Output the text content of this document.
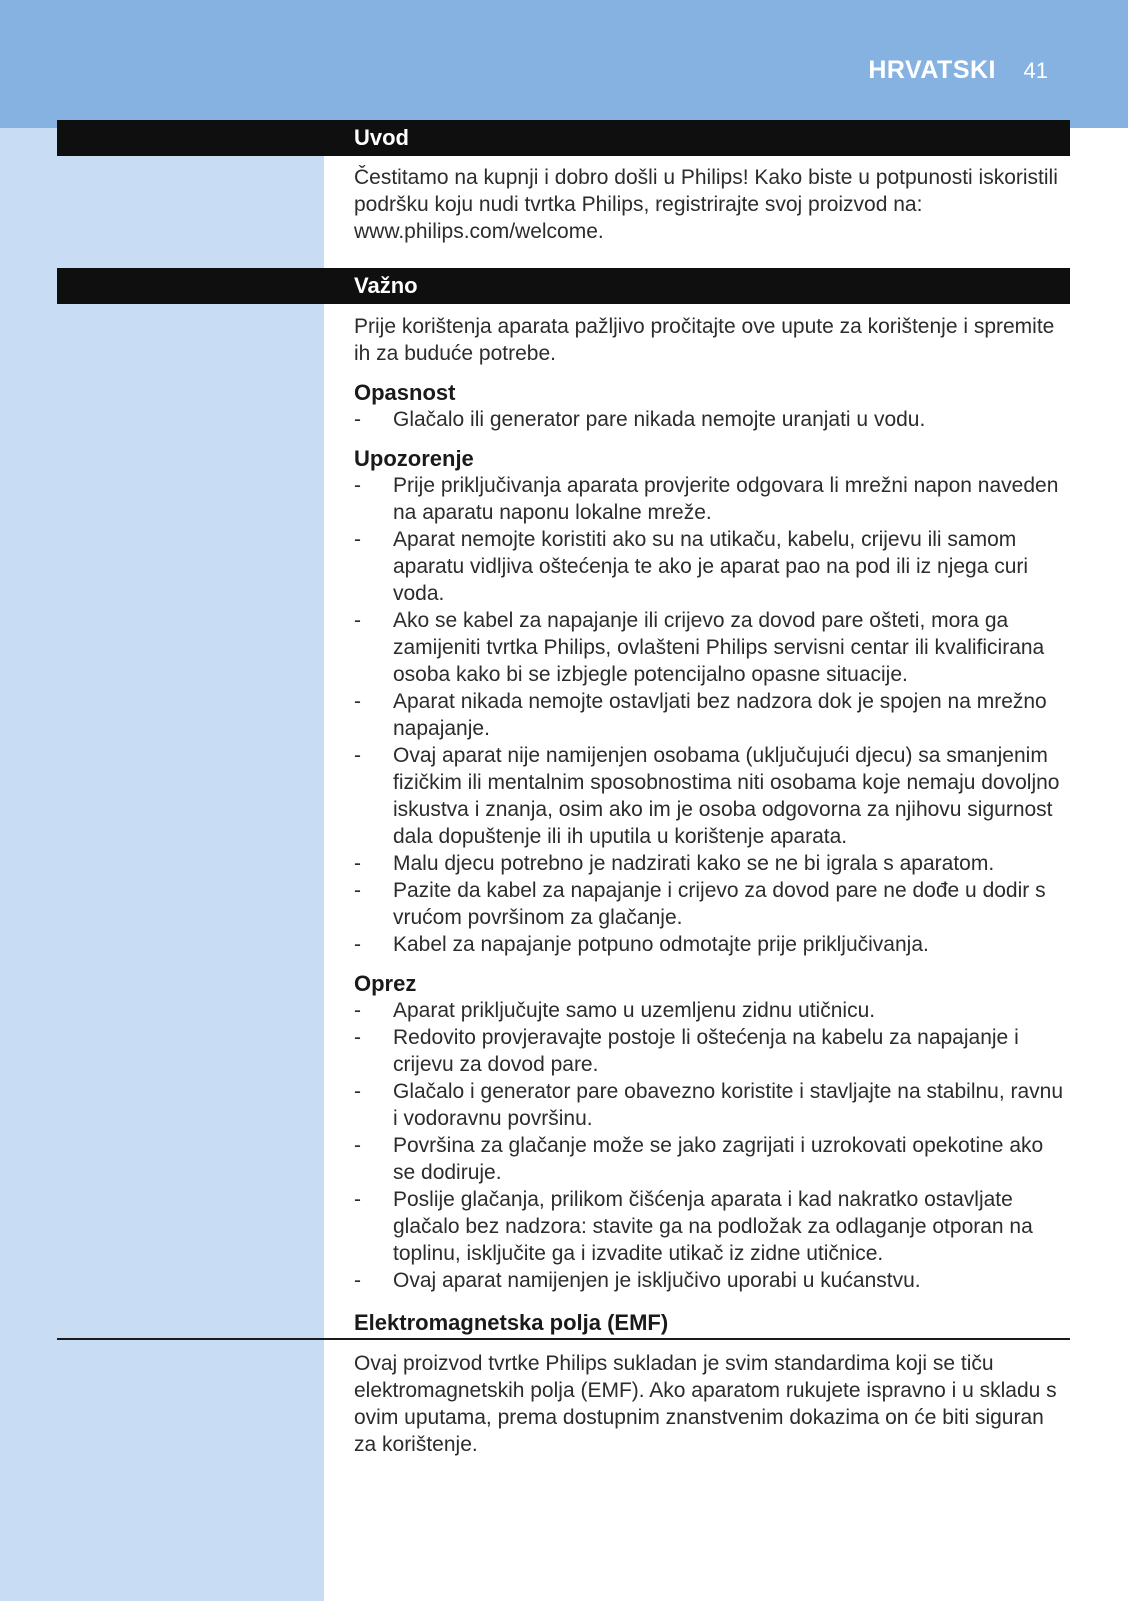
HRVATSKI 41
Uvod

Čestitamo na kupnji i dobro došli u Philips! Kako biste u potpunosti iskoristili podršku koju nudi tvrtka Philips, registrirajte svoj proizvod na: www.philips.com/welcome.

Važno

Prije korištenja aparata pažljivo pročitajte ove upute za korištenje i spremite ih za buduće potrebe.

Opasnost
- Glačalo ili generator pare nikada nemojte uranjati u vodu.
Upozorenje
- Prije priključivanja aparata provjerite odgovara li mrežni napon naveden na aparatu naponu lokalne mreže.
- Aparat nemojte koristiti ako su na utikaču, kabelu, crijevu ili samom aparatu vidljiva oštećenja te ako je aparat pao na pod ili iz njega curi voda.
- Ako se kabel za napajanje ili crijevo za dovod pare ošteti, mora ga zamijeniti tvrtka Philips, ovlašteni Philips servisni centar ili kvalificirana osoba kako bi se izbjegle potencijalno opasne situacije.
- Aparat nikada nemojte ostavljati bez nadzora dok je spojen na mrežno napajanje.
- Ovaj aparat nije namijenjen osobama (uključujući djecu) sa smanjenim fizičkim ili mentalnim sposobnostima niti osobama koje nemaju dovoljno iskustva i znanja, osim ako im je osoba odgovorna za njihovu sigurnost dala dopuštenje ili ih uputila u korištenje aparata.
- Malu djecu potrebno je nadzirati kako se ne bi igrala s aparatom.
- Pazite da kabel za napajanje i crijevo za dovod pare ne dođe u dodir s vrućom površinom za glačanje.
- Kabel za napajanje potpuno odmotajte prije priključivanja.
Oprez
- Aparat priključujte samo u uzemljenu zidnu utičnicu.
- Redovito provjeravajte postoje li oštećenja na kabelu za napajanje i crijevu za dovod pare.
- Glačalo i generator pare obavezno koristite i stavljajte na stabilnu, ravnu i vodoravnu površinu.
- Površina za glačanje može se jako zagrijati i uzrokovati opekotine ako se dodiruje.
- Poslije glačanja, prilikom čišćenja aparata i kad nakratko ostavljate glačalo bez nadzora: stavite ga na podložak za odlaganje otporan na toplinu, isključite ga i izvadite utikač iz zidne utičnice.
- Ovaj aparat namijenjen je isključivo uporabi u kućanstvu.
Elektromagnetska polja (EMF)

Ovaj proizvod tvrtke Philips sukladan je svim standardima koji se tiču elektromagnetskih polja (EMF). Ako aparatom rukujete ispravno i u skladu s ovim uputama, prema dostupnim znanstvenim dokazima on će biti siguran za korištenje.
